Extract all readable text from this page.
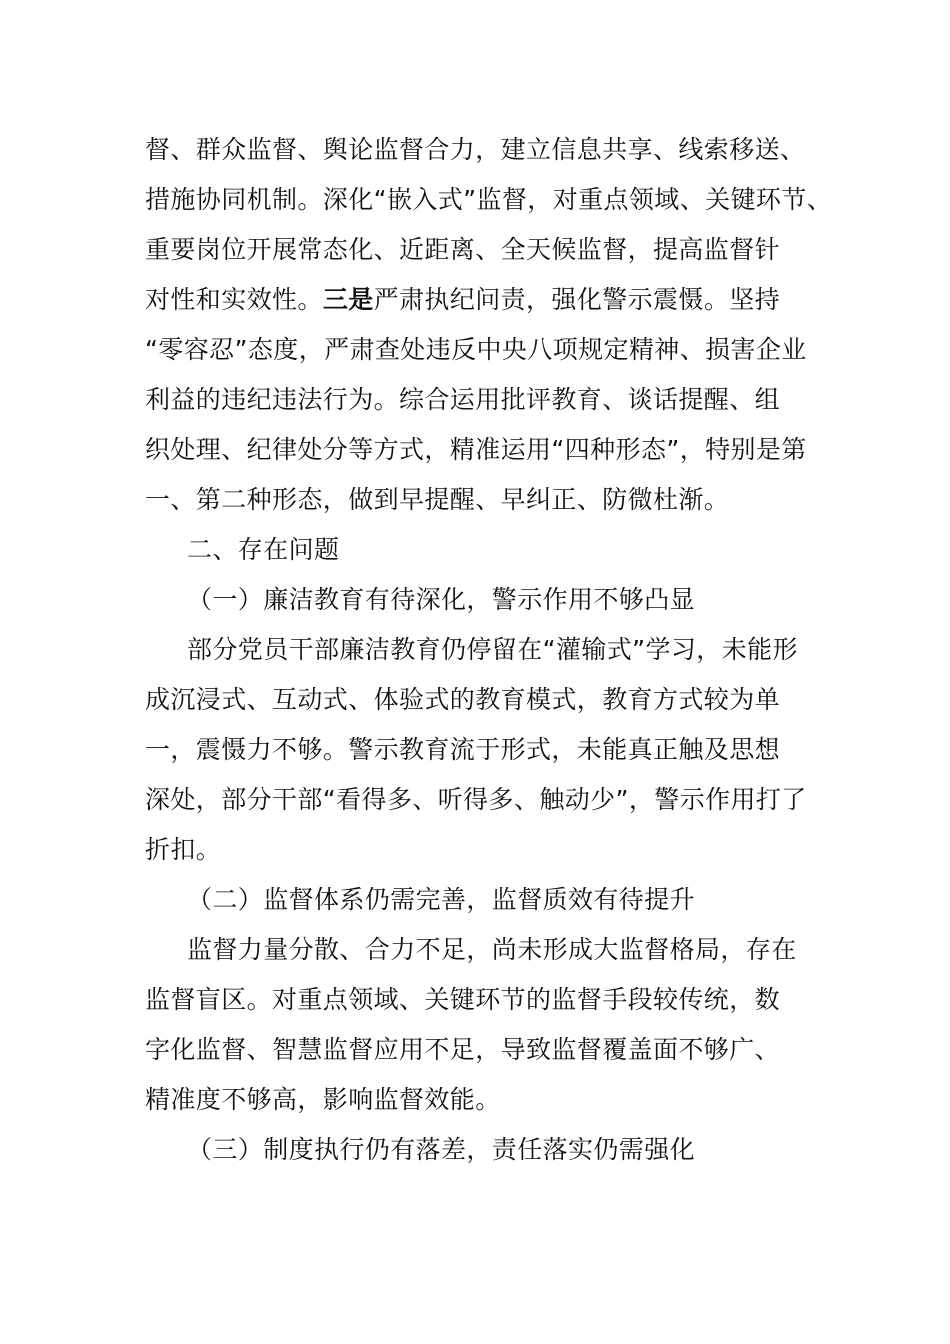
督、群众监督、舆论监督合力，建立信息共享、线索移送、
措施协同机制。深化“嵌入式”监督，对重点领域、关键环节、
重要岗位开展常态化、近距离、全天候监督，提高监督针
对性和实效性。三是严肃执纪问责，强化警示震慑。坚持
“零容忍”态度，严肃查处违反中央八项规定精神、损害企业
利益的违纪违法行为。综合运用批评教育、谈话提醒、组
织处理、纪律处分等方式，精准运用“四种形态”，特别是第
一、第二种形态，做到早提醒、早纠正、防微杜渐。
二、存在问题
（一）廉洁教育有待深化，警示作用不够凸显
部分党员干部廉洁教育仍停留在“灌输式”学习，未能形
成沉浸式、互动式、体验式的教育模式，教育方式较为单
一，震慑力不够。警示教育流于形式，未能真正触及思想
深处，部分干部“看得多、听得多、触动少”，警示作用打了
折扣。
（二）监督体系仍需完善，监督质效有待提升
监督力量分散、合力不足，尚未形成大监督格局，存在
监督盲区。对重点领域、关键环节的监督手段较传统，数
字化监督、智慧监督应用不足，导致监督覆盖面不够广、
精准度不够高，影响监督效能。
（三）制度执行仍有落差，责任落实仍需强化
